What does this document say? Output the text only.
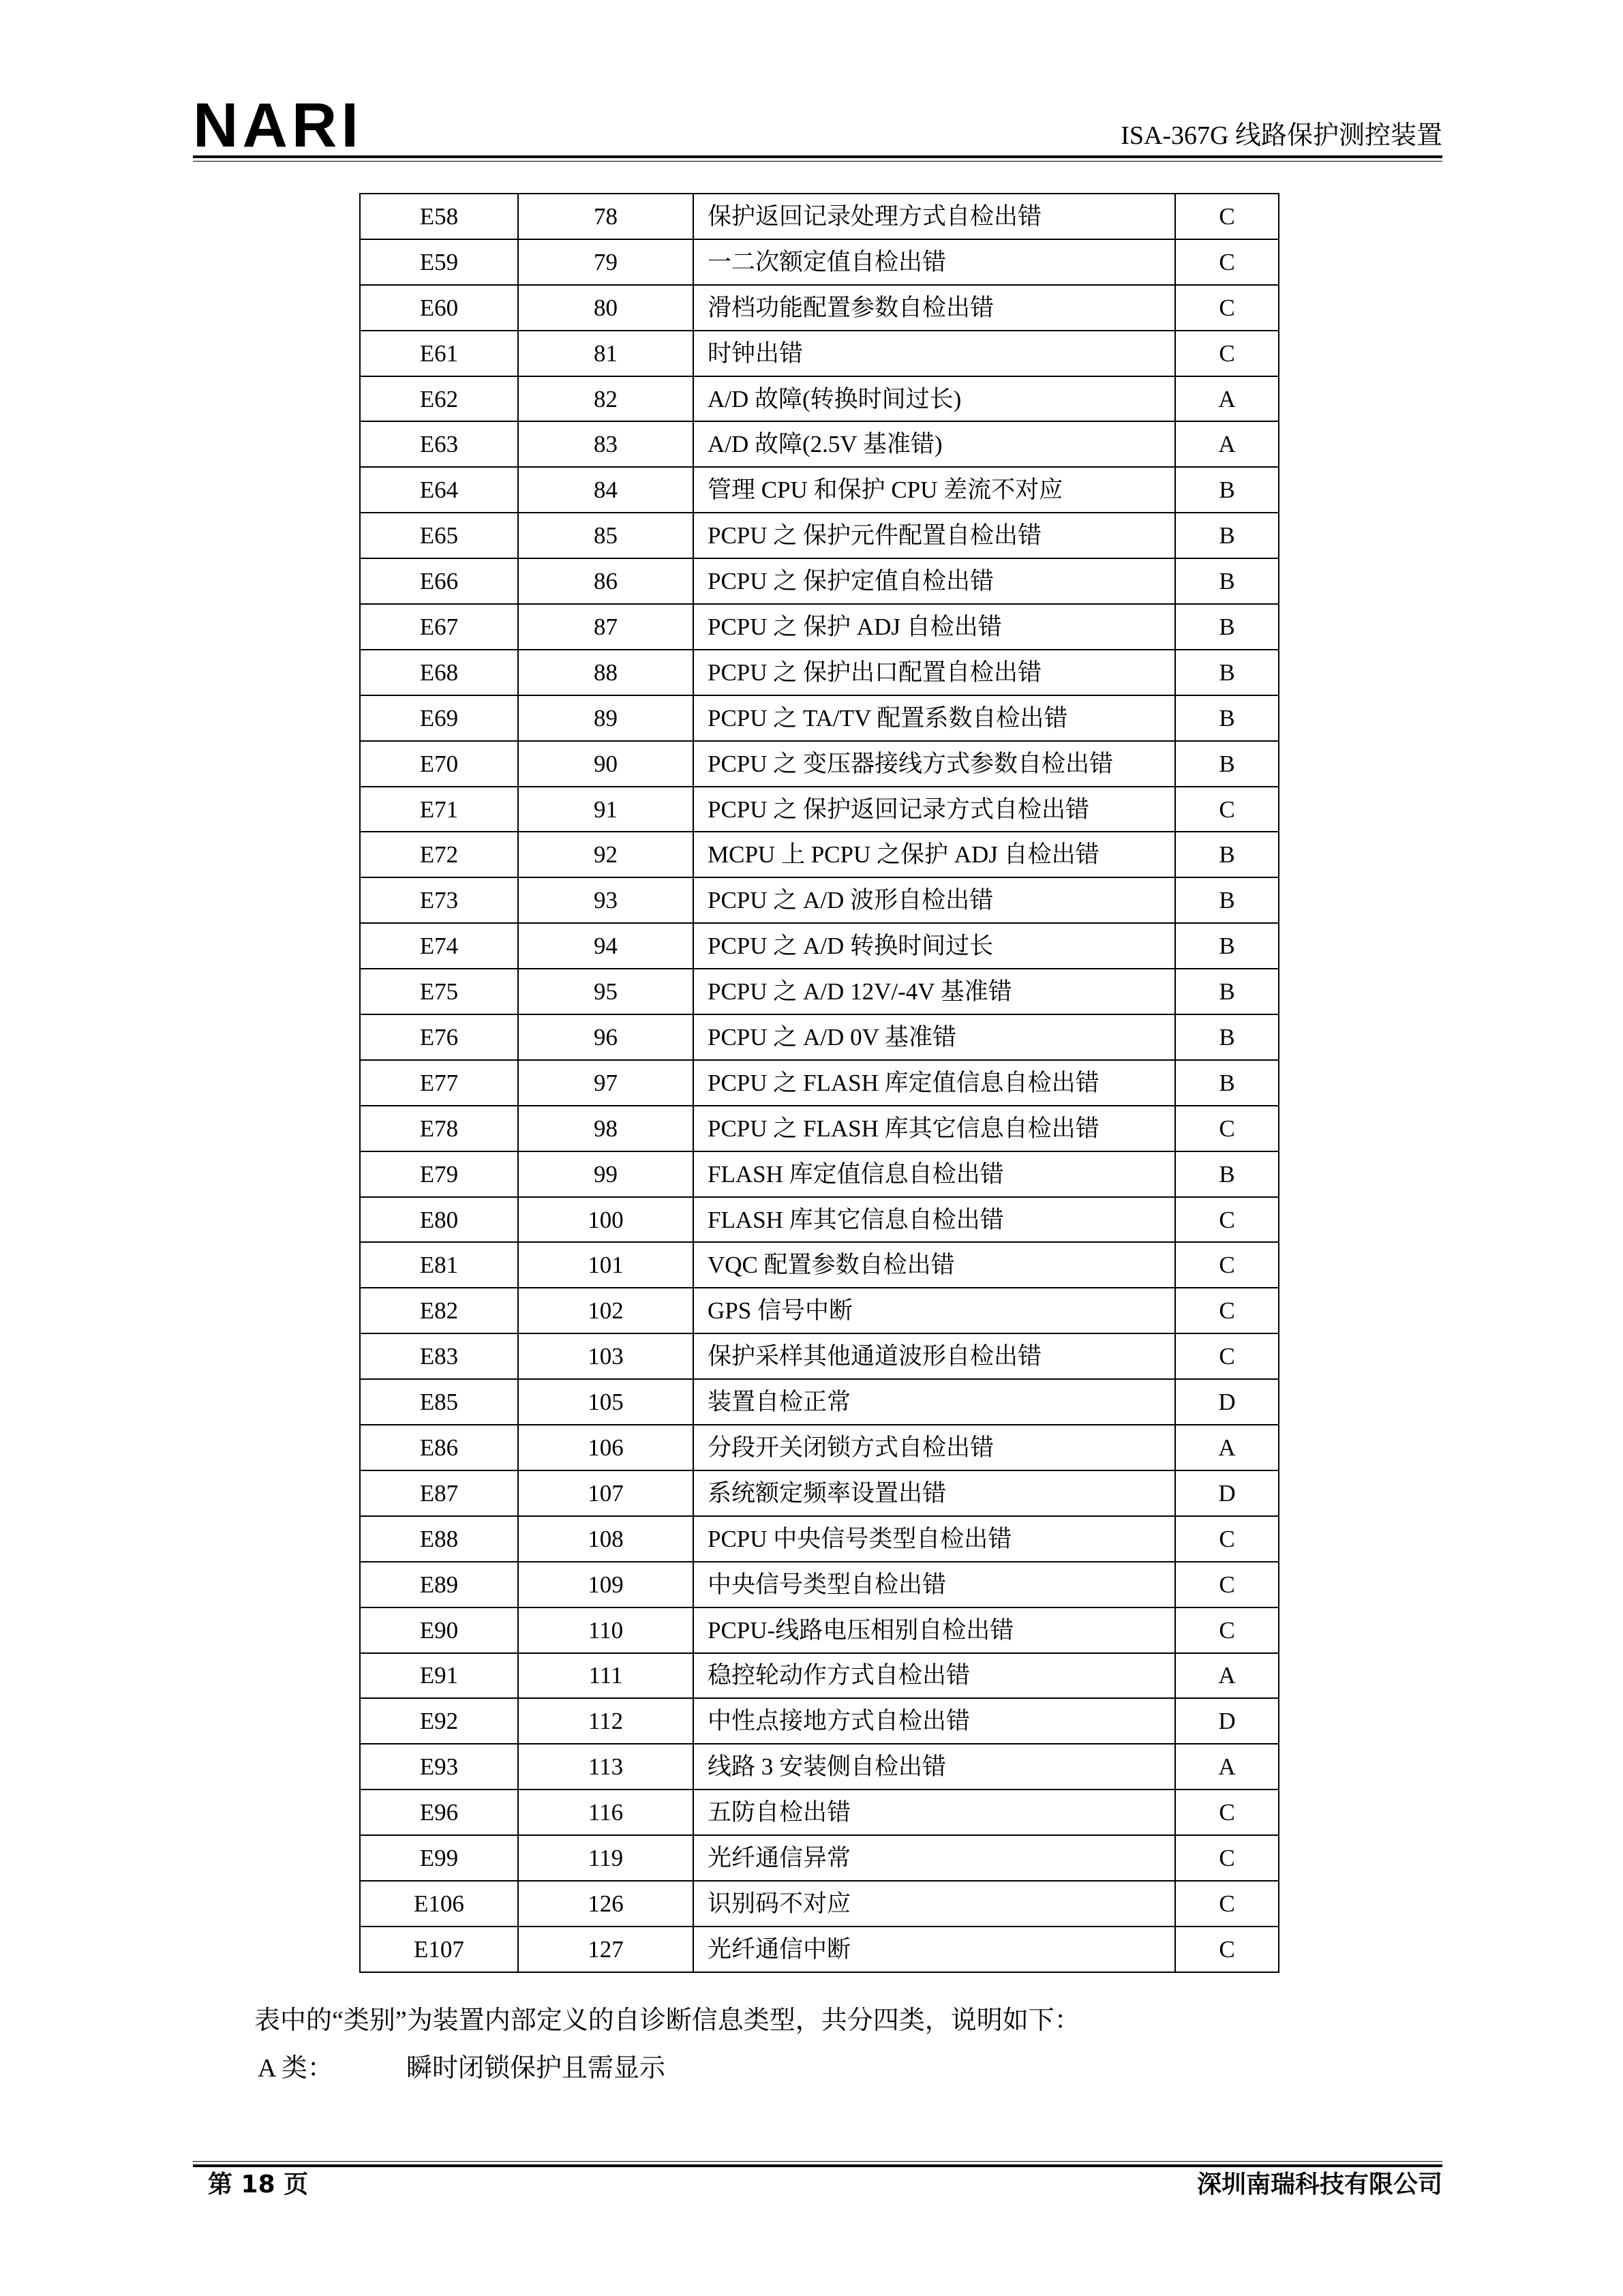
NARI	ISA-367G 线路保护测控装置
E58	78	保护返回记录处理方式自检出错	C
E59	79	一二次额定值自检出错	C
E60	80	滑档功能配置参数自检出错	C
E61	81	时钟出错	C
E62	82	A/D 故障(转换时间过长)	A
E63	83	A/D 故障(2.5V 基准错)	A
E64	84	管理 CPU 和保护 CPU 差流不对应	B
E65	85	PCPU 之 保护元件配置自检出错	B
E66	86	PCPU 之 保护定值自检出错	B
E67	87	PCPU 之 保护 ADJ 自检出错	B
E68	88	PCPU 之 保护出口配置自检出错	B
E69	89	PCPU 之 TA/TV 配置系数自检出错	B
E70	90	PCPU 之 变压器接线方式参数自检出错	B
E71	91	PCPU 之 保护返回记录方式自检出错	C
E72	92	MCPU 上 PCPU 之保护 ADJ 自检出错	B
E73	93	PCPU 之 A/D 波形自检出错	B
E74	94	PCPU 之 A/D 转换时间过长	B
E75	95	PCPU 之 A/D 12V/-4V 基准错	B
E76	96	PCPU 之 A/D 0V 基准错	B
E77	97	PCPU 之 FLASH 库定值信息自检出错	B
E78	98	PCPU 之 FLASH 库其它信息自检出错	C
E79	99	FLASH 库定值信息自检出错	B
E80	100	FLASH 库其它信息自检出错	C
E81	101	VQC 配置参数自检出错	C
E82	102	GPS 信号中断	C
E83	103	保护采样其他通道波形自检出错	C
E85	105	装置自检正常	D
E86	106	分段开关闭锁方式自检出错	A
E87	107	系统额定频率设置出错	D
E88	108	PCPU 中央信号类型自检出错	C
E89	109	中央信号类型自检出错	C
E90	110	PCPU-线路电压相别自检出错	C
E91	111	稳控轮动作方式自检出错	A
E92	112	中性点接地方式自检出错	D
E93	113	线路 3 安装侧自检出错	A
E96	116	五防自检出错	C
E99	119	光纤通信异常	C
E106	126	识别码不对应	C
E107	127	光纤通信中断	C
表中的“类别”为装置内部定义的自诊断信息类型，共分四类，说明如下：
A 类：	瞬时闭锁保护且需显示
第 18 页	深圳南瑞科技有限公司
